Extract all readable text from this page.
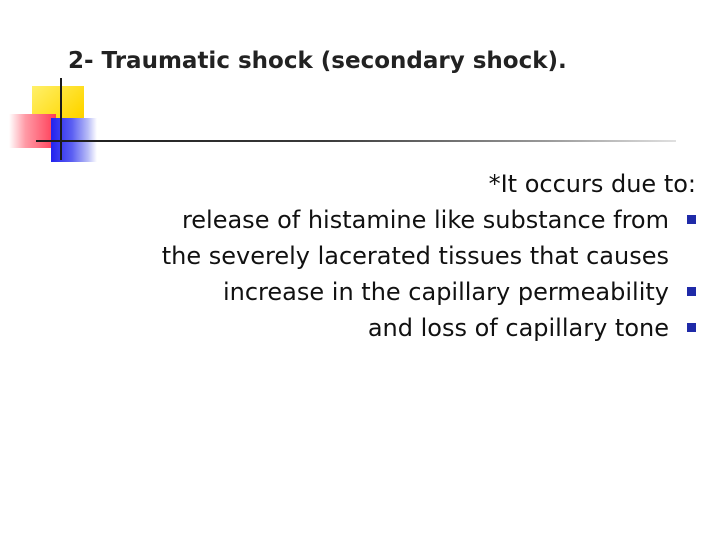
2- Traumatic shock (secondary shock).
*It occurs due to:
release of histamine like substance from
the severely lacerated tissues that causes
increase in the capillary permeability
and loss of capillary tone
